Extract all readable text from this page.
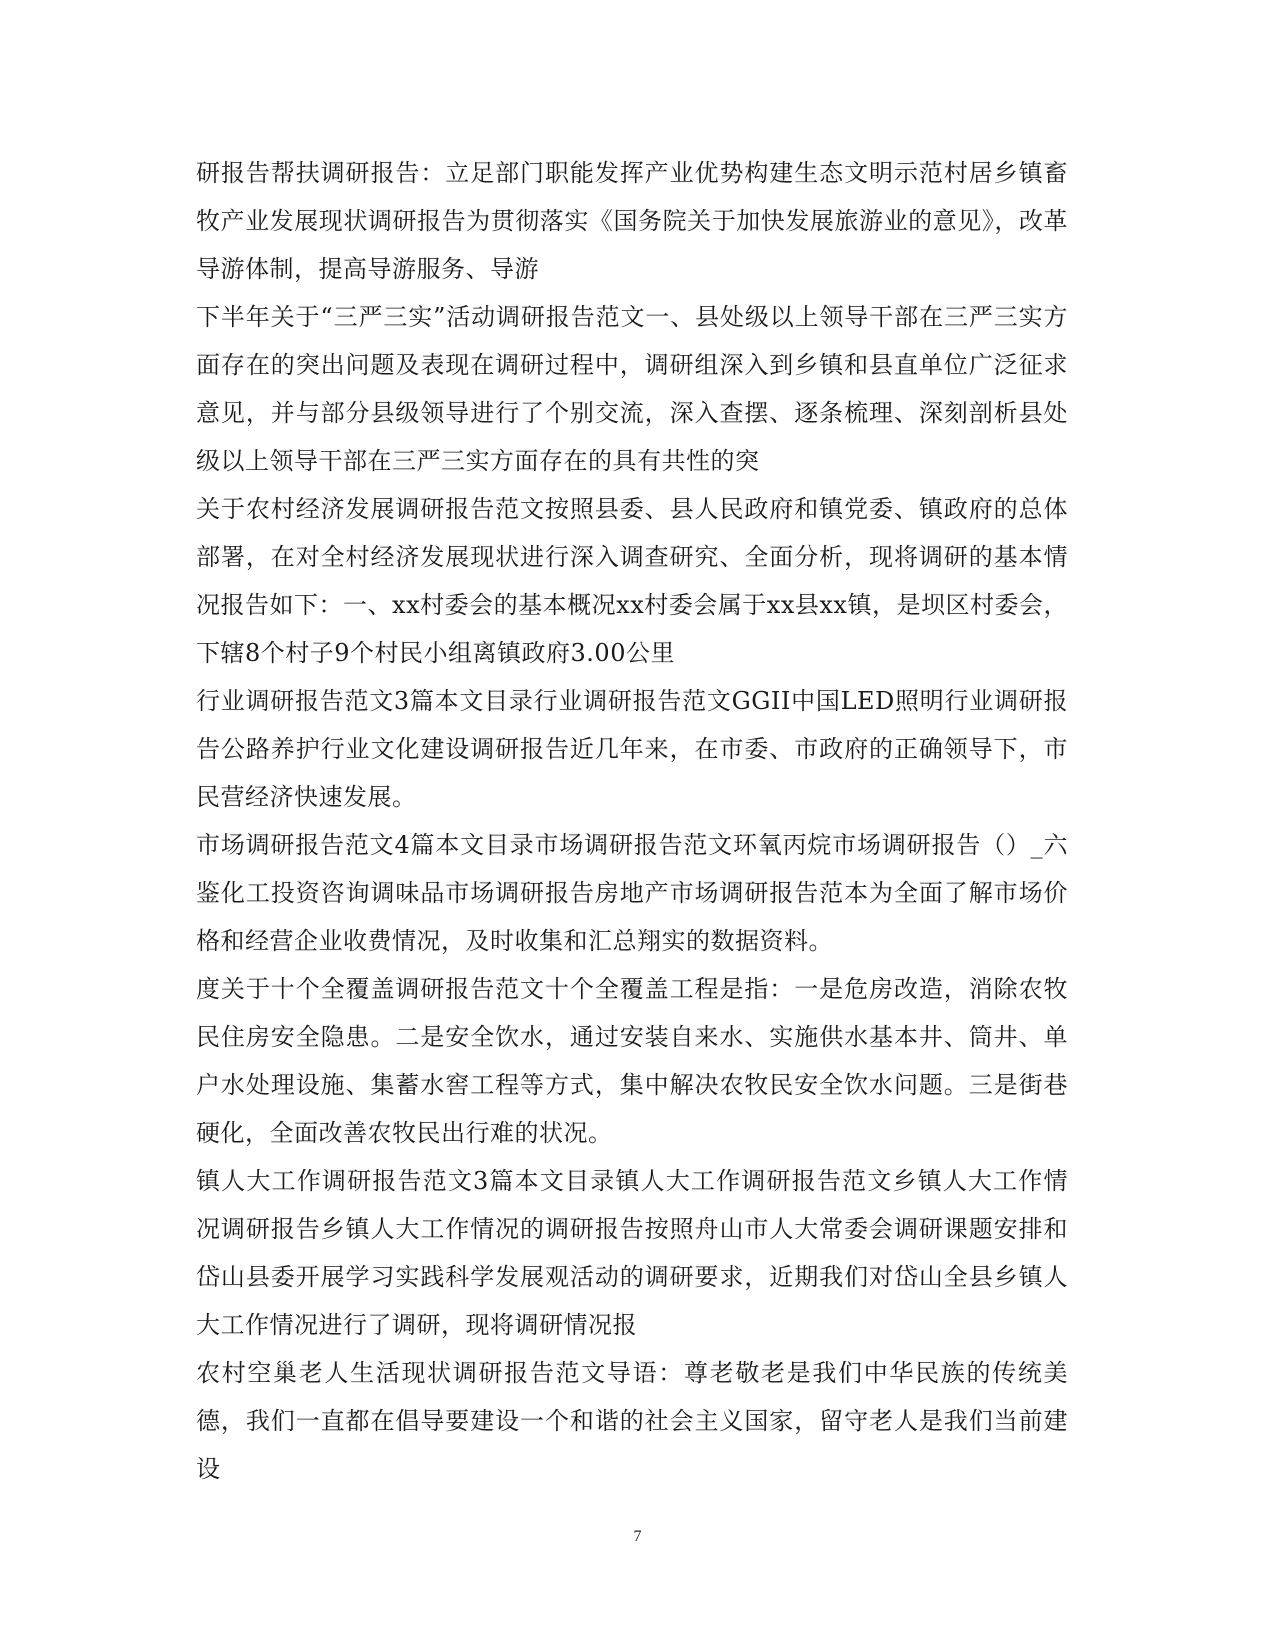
研报告帮扶调研报告：立足部门职能发挥产业优势构建生态文明示范村居乡镇畜牧产业发展现状调研报告为贯彻落实《国务院关于加快发展旅游业的意见》，改革导游体制，提高导游服务、导游

下半年关于“三严三实”活动调研报告范文一、县处级以上领导干部在三严三实方面存在的突出问题及表现在调研过程中，调研组深入到乡镇和县直单位广泛征求意见，并与部分县级领导进行了个别交流，深入查摆、逐条梳理、深刻剖析县处级以上领导干部在三严三实方面存在的具有共性的突

关于农村经济发展调研报告范文按照县委、县人民政府和镇党委、镇政府的总体部署，在对全村经济发展现状进行深入调查研究、全面分析，现将调研的基本情况报告如下：一、xx村委会的基本概况xx村委会属于xx县xx镇，是坝区村委会，下辖8个村子9个村民小组离镇政府3.00公里

行业调研报告范文3篇本文目录行业调研报告范文GGII中国LED照明行业调研报告公路养护行业文化建设调研报告近几年来，在市委、市政府的正确领导下，市民营经济快速发展。

市场调研报告范文4篇本文目录市场调研报告范文环氧丙烷市场调研报告（）_六鉴化工投资咨询调味品市场调研报告房地产市场调研报告范本为全面了解市场价格和经营企业收费情况，及时收集和汇总翔实的数据资料。

度关于十个全覆盖调研报告范文十个全覆盖工程是指：一是危房改造，消除农牧民住房安全隐患。二是安全饮水，通过安装自来水、实施供水基本井、筒井、单户水处理设施、集蓄水窖工程等方式，集中解决农牧民安全饮水问题。三是街巷硬化，全面改善农牧民出行难的状况。

镇人大工作调研报告范文3篇本文目录镇人大工作调研报告范文乡镇人大工作情况调研报告乡镇人大工作情况的调研报告按照舟山市人大常委会调研课题安排和岱山县委开展学习实践科学发展观活动的调研要求，近期我们对岱山全县乡镇人大工作情况进行了调研，现将调研情况报

农村空巢老人生活现状调研报告范文导语：尊老敬老是我们中华民族的传统美德，我们一直都在倡导要建设一个和谐的社会主义国家，留守老人是我们当前建设

7
